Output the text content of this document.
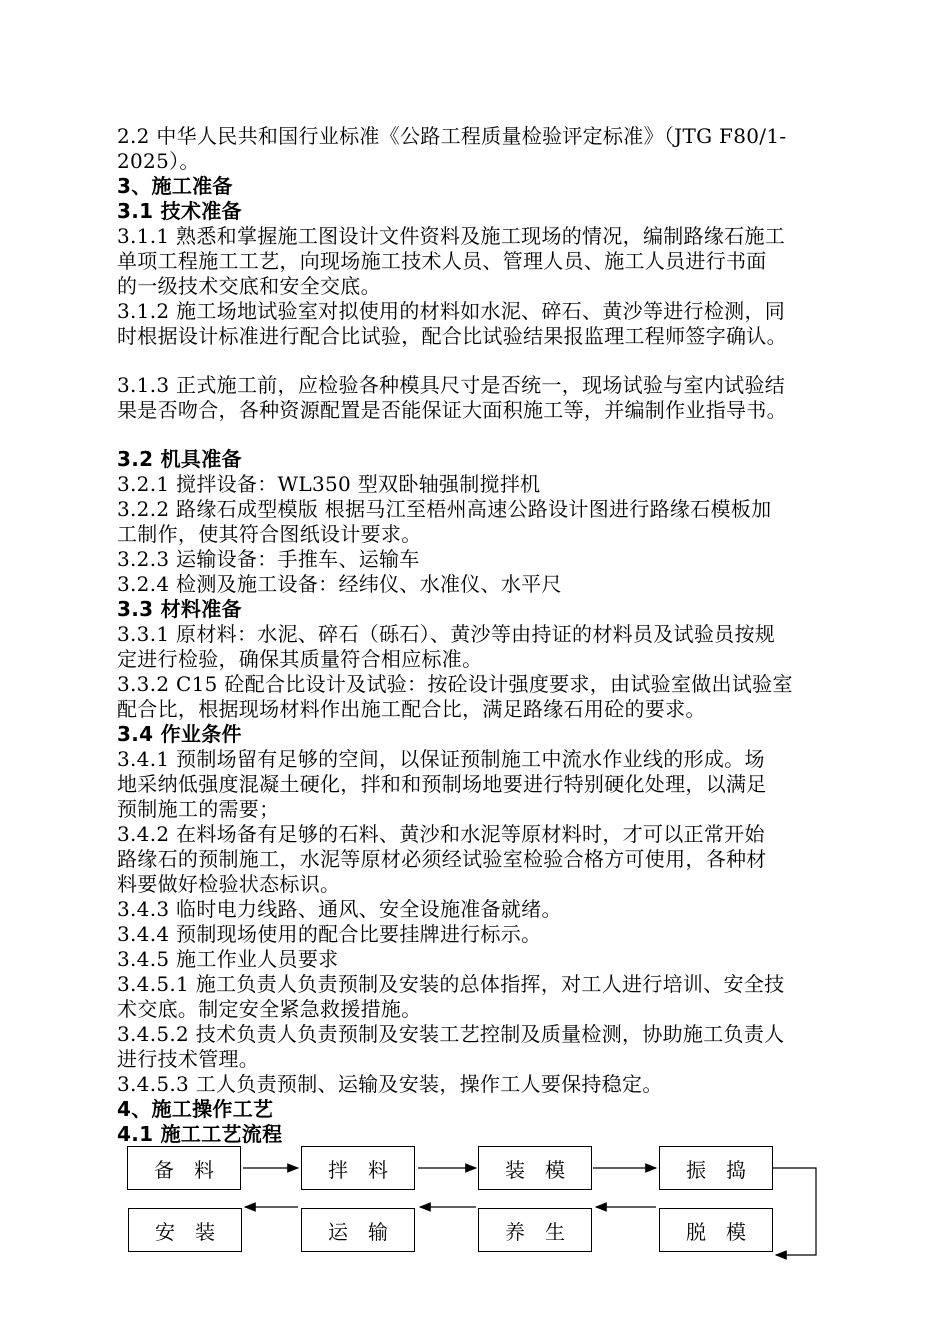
2.2 中华人民共和国行业标准《公路工程质量检验评定标准》（JTG F80/1-
2025）。
3、施工准备
3.1 技术准备
3.1.1 熟悉和掌握施工图设计文件资料及施工现场的情况，编制路缘石施工
单项工程施工工艺，向现场施工技术人员、管理人员、施工人员进行书面
的一级技术交底和安全交底。
3.1.2 施工场地试验室对拟使用的材料如水泥、碎石、黄沙等进行检测，同
时根据设计标准进行配合比试验，配合比试验结果报监理工程师签字确认。
3.1.3 正式施工前，应检验各种模具尺寸是否统一，现场试验与室内试验结
果是否吻合，各种资源配置是否能保证大面积施工等，并编制作业指导书。
3.2 机具准备
3.2.1 搅拌设备：WL350 型双卧轴强制搅拌机
3.2.2 路缘石成型模版 根据马江至梧州高速公路设计图进行路缘石模板加
工制作，使其符合图纸设计要求。
3.2.3 运输设备：手推车、运输车
3.2.4 检测及施工设备：经纬仪、水准仪、水平尺
3.3 材料准备
3.3.1 原材料：水泥、碎石（砾石）、黄沙等由持证的材料员及试验员按规
定进行检验，确保其质量符合相应标准。
3.3.2 C15 砼配合比设计及试验：按砼设计强度要求，由试验室做出试验室
配合比，根据现场材料作出施工配合比，满足路缘石用砼的要求。
3.4 作业条件
3.4.1 预制场留有足够的空间，以保证预制施工中流水作业线的形成。场
地采纳低强度混凝土硬化，拌和和预制场地要进行特别硬化处理，以满足
预制施工的需要；
3.4.2 在料场备有足够的石料、黄沙和水泥等原材料时，才可以正常开始
路缘石的预制施工，水泥等原材必须经试验室检验合格方可使用，各种材
料要做好检验状态标识。
3.4.3 临时电力线路、通风、安全设施准备就绪。
3.4.4 预制现场使用的配合比要挂牌进行标示。
3.4.5 施工作业人员要求
3.4.5.1 施工负责人负责预制及安装的总体指挥，对工人进行培训、安全技
术交底。制定安全紧急救援措施。
3.4.5.2 技术负责人负责预制及安装工艺控制及质量检测，协助施工负责人
进行技术管理。
3.4.5.3 工人负责预制、运输及安装，操作工人要保持稳定。
4、施工操作工艺
4.1 施工工艺流程
备　料	拌　料	装　模	振　捣
安　装	运　输	养　生	脱　模
